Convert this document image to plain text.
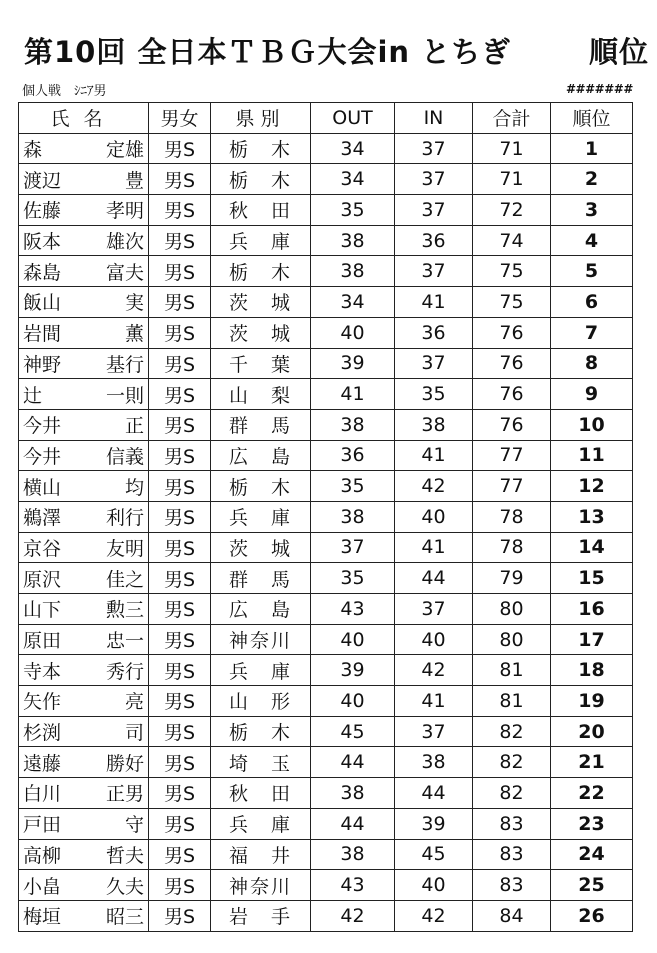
第10回 全日本ＴＢＧ大会in とちぎ	順位
個人戦　ｼﾆｱ男	#######
氏名	男女	県別	OUT	IN	合計	順位

森 定雄	男S	栃　木	34	37	71	1

渡辺 豊	男S	栃　木	34	37	71	2

佐藤 孝明	男S	秋　田	35	37	72	3

阪本 雄次	男S	兵　庫	38	36	74	4

森島 富夫	男S	栃　木	38	37	75	5

飯山 実	男S	茨　城	34	41	75	6

岩間 薫	男S	茨　城	40	36	76	7

神野 基行	男S	千　葉	39	37	76	8

辻 一則	男S	山　梨	41	35	76	9

今井 正	男S	群　馬	38	38	76	10

今井 信義	男S	広　島	36	41	77	11

横山 均	男S	栃　木	35	42	77	12

鵜澤 利行	男S	兵　庫	38	40	78	13

京谷 友明	男S	茨　城	37	41	78	14

原沢 佳之	男S	群　馬	35	44	79	15

山下 勲三	男S	広　島	43	37	80	16

原田 忠一	男S	神奈川	40	40	80	17

寺本 秀行	男S	兵　庫	39	42	81	18

矢作 亮	男S	山　形	40	41	81	19

杉渕 司	男S	栃　木	45	37	82	20

遠藤 勝好	男S	埼　玉	44	38	82	21

白川 正男	男S	秋　田	38	44	82	22

戸田 守	男S	兵　庫	44	39	83	23

高柳 哲夫	男S	福　井	38	45	83	24

小畠 久夫	男S	神奈川	43	40	83	25

梅垣 昭三	男S	岩　手	42	42	84	26
